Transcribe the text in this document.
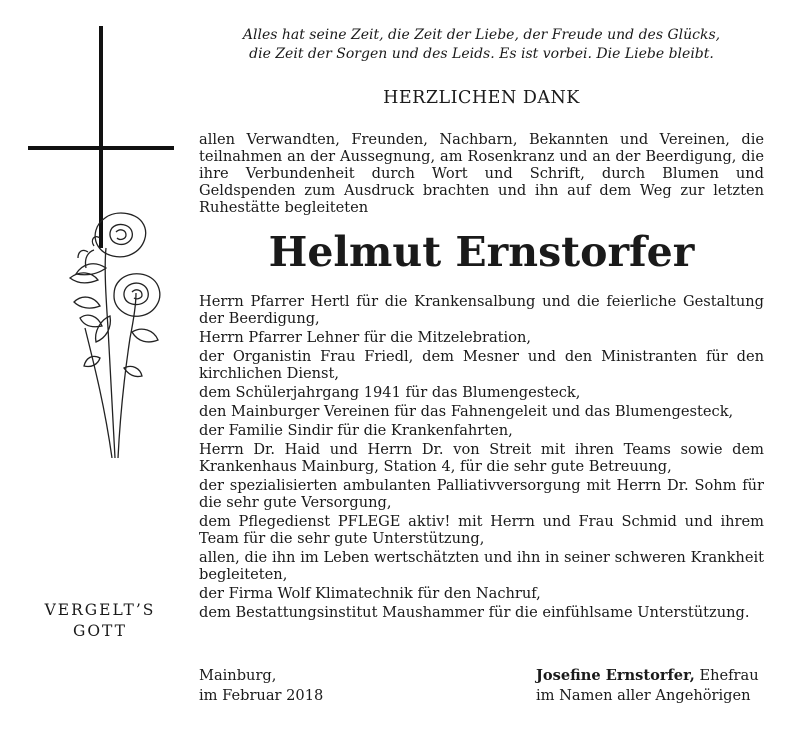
VERGELT’S
GOTT
Alles hat seine Zeit, die Zeit der Liebe, der Freude und des Glücks,
die Zeit der Sorgen und des Leids. Es ist vorbei. Die Liebe bleibt.
HERZLICHEN DANK
allen Verwandten, Freunden, Nachbarn, Bekannten und Vereinen, die teilnahmen an der Aussegnung, am Rosenkranz und an der Beerdigung, die ihre Verbundenheit durch Wort und Schrift, durch Blumen und Geldspenden zum Ausdruck brachten und ihn auf dem Weg zur letzten Ruhestätte begleiteten
Helmut Ernstorfer
Herrn Pfarrer Hertl für die Krankensalbung und die feierliche Gestaltung der Beerdigung,
Herrn Pfarrer Lehner für die Mitzelebration,
der Organistin Frau Friedl, dem Mesner und den Ministranten für den kirchlichen Dienst,
dem Schülerjahrgang 1941 für das Blumengesteck,
den Mainburger Vereinen für das Fahnengeleit und das Blumengesteck,
der Familie Sindir für die Krankenfahrten,
Herrn Dr. Haid und Herrn Dr. von Streit mit ihren Teams sowie dem Krankenhaus Mainburg, Station 4, für die sehr gute Betreuung,
der spezialisierten ambulanten Palliativversorgung mit Herrn Dr. Sohm für die sehr gute Versorgung,
dem Pflegedienst PFLEGE aktiv! mit Herrn und Frau Schmid und ihrem Team für die sehr gute Unterstützung,
allen, die ihn im Leben wertschätzten und ihn in seiner schweren Krankheit begleiteten,
der Firma Wolf Klimatechnik für den Nachruf,
dem Bestattungsinstitut Maushammer für die einfühlsame Unterstützung.
Mainburg,
im Februar 2018
Josefine Ernstorfer, Ehefrau
im Namen aller Angehörigen
